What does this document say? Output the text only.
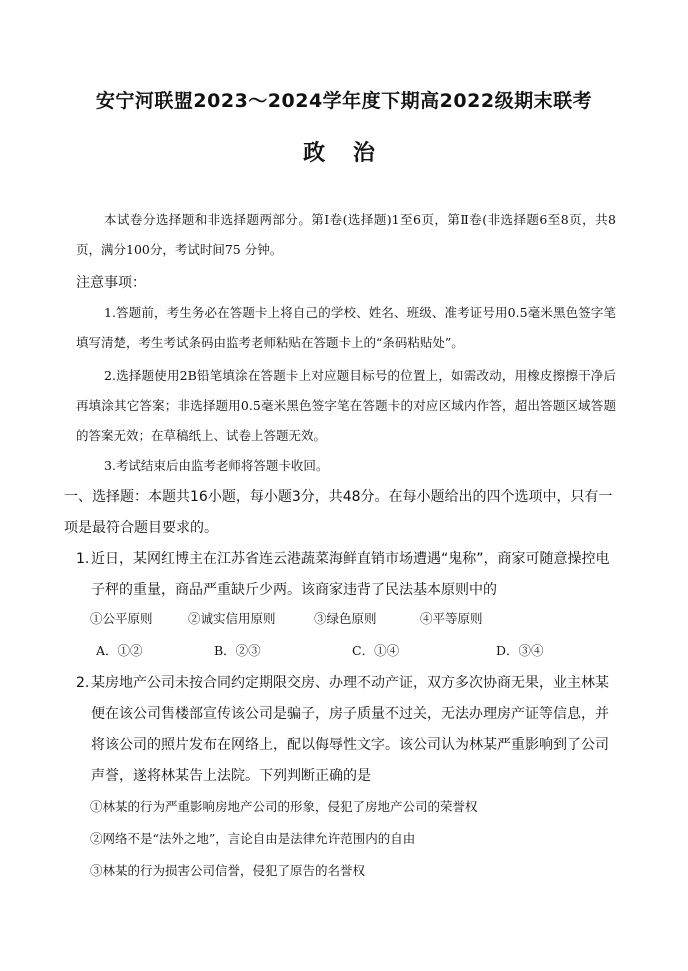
安宁河联盟2023～2024学年度下期高2022级期末联考
政 治

本试卷分选择题和非选择题两部分。第Ⅰ卷(选择题)1至6页，第Ⅱ卷(非选择题6至8页，共8页，满分100分，考试时间75 分钟。

注意事项：

1.答题前，考生务必在答题卡上将自己的学校、姓名、班级、准考证号用0.5毫米黑色签字笔填写清楚，考生考试条码由监考老师粘贴在答题卡上的“条码粘贴处”。

2.选择题使用2B铅笔填涂在答题卡上对应题目标号的位置上，如需改动，用橡皮擦擦干净后再填涂其它答案；非选择题用0.5毫米黑色签字笔在答题卡的对应区域内作答，超出答题区域答题的答案无效；在草稿纸上、试卷上答题无效。

3.考试结束后由监考老师将答题卡收回。

一、选择题：本题共16小题，每小题3分，共48分。在每小题给出的四个选项中，只有一项是最符合题目要求的。

1. 近日，某网红博主在江苏省连云港蔬菜海鲜直销市场遭遇“鬼称”，商家可随意操控电子秤的重量，商品严重缺斤少两。该商家违背了民法基本原则中的
①公平原则	②诚实信用原则	③绿色原则	④平等原则
A．①②	B．②③	C．①④	D．③④
2. 某房地产公司未按合同约定期限交房、办理不动产证，双方多次协商无果，业主林某便在该公司售楼部宣传该公司是骗子，房子质量不过关，无法办理房产证等信息，并将该公司的照片发布在网络上，配以侮辱性文字。该公司认为林某严重影响到了公司声誉，遂将林某告上法院。下列判断正确的是
①林某的行为严重影响房地产公司的形象，侵犯了房地产公司的荣誉权
②网络不是“法外之地”，言论自由是法律允许范围内的自由
③林某的行为损害公司信誉，侵犯了原告的名誉权
